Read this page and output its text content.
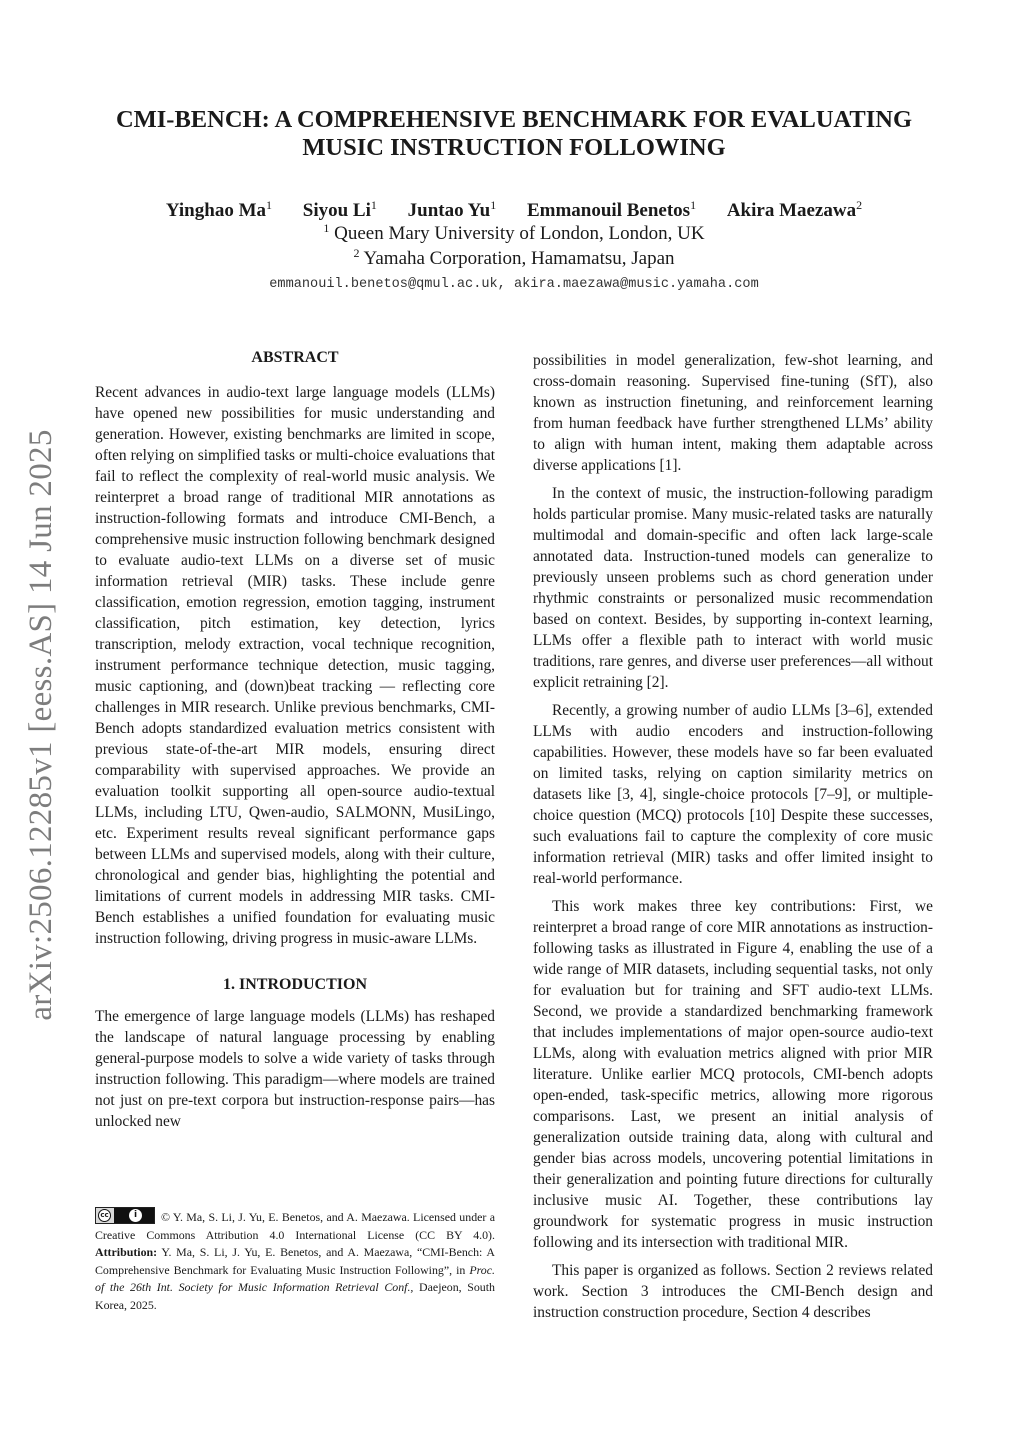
arXiv:2506.12285v1 [eess.AS] 14 Jun 2025
CMI-BENCH: A COMPREHENSIVE BENCHMARK FOR EVALUATING
MUSIC INSTRUCTION FOLLOWING
Yinghao Ma$^1$ Siyou Li$^1$ Juntao Yu$^1$ Emmanouil Benetos$^1$ Akira Maezawa$^2$
$^1$ Queen Mary University of London, London, UK
$^2$ Yamaha Corporation, Hamamatsu, Japan
emmanouil.benetos@qmul.ac.uk, akira.maezawa@music.yamaha.com
ABSTRACT

Recent advances in audio-text large language models (LLMs) have opened new possibilities for music understanding and generation. However, existing benchmarks are limited in scope, often relying on simplified tasks or multi-choice evaluations that fail to reflect the complexity of real-world music analysis. We reinterpret a broad range of traditional MIR annotations as instruction-following formats and introduce CMI-Bench, a comprehensive music instruction following benchmark designed to evaluate audio-text LLMs on a diverse set of music information retrieval (MIR) tasks. These include genre classification, emotion regression, emotion tagging, instrument classification, pitch estimation, key detection, lyrics transcription, melody extraction, vocal technique recognition, instrument performance technique detection, music tagging, music captioning, and (down)beat tracking — reflecting core challenges in MIR research. Unlike previous benchmarks, CMI-Bench adopts standardized evaluation metrics consistent with previous state-of-the-art MIR models, ensuring direct comparability with supervised approaches. We provide an evaluation toolkit supporting all open-source audio-textual LLMs, including LTU, Qwen-audio, SALMONN, MusiLingo, etc. Experiment results reveal significant performance gaps between LLMs and supervised models, along with their culture, chronological and gender bias, highlighting the potential and limitations of current models in addressing MIR tasks. CMI-Bench establishes a unified foundation for evaluating music instruction following, driving progress in music-aware LLMs.

1. INTRODUCTION

The emergence of large language models (LLMs) has reshaped the landscape of natural language processing by enabling general-purpose models to solve a wide variety of tasks through instruction following. This paradigm—where models are trained not just on pre-text corpora but instruction-response pairs—has unlocked new

cc	i	© Y. Ma, S. Li, J. Yu, E. Benetos, and A. Maezawa. Licensed under a Creative Commons Attribution 4.0 International License (CC BY 4.0). Attribution: Y. Ma, S. Li, J. Yu, E. Benetos, and A. Maezawa, “CMI-Bench: A Comprehensive Benchmark for Evaluating Music Instruction Following”, in Proc. of the 26th Int. Society for Music Information Retrieval Conf., Daejeon, South Korea, 2025.

possibilities in model generalization, few-shot learning, and cross-domain reasoning. Supervised fine-tuning (SfT), also known as instruction finetuning, and reinforcement learning from human feedback have further strengthened LLMs’ ability to align with human intent, making them adaptable across diverse applications [1].

In the context of music, the instruction-following paradigm holds particular promise. Many music-related tasks are naturally multimodal and domain-specific and often lack large-scale annotated data. Instruction-tuned models can generalize to previously unseen problems such as chord generation under rhythmic constraints or personalized music recommendation based on context. Besides, by supporting in-context learning, LLMs offer a flexible path to interact with world music traditions, rare genres, and diverse user preferences—all without explicit retraining [2].

Recently, a growing number of audio LLMs [3–6], extended LLMs with audio encoders and instruction-following capabilities. However, these models have so far been evaluated on limited tasks, relying on caption similarity metrics on datasets like [3, 4], single-choice protocols [7–9], or multiple-choice question (MCQ) protocols [10] Despite these successes, such evaluations fail to capture the complexity of core music information retrieval (MIR) tasks and offer limited insight to real-world performance.

This work makes three key contributions: First, we reinterpret a broad range of core MIR annotations as instruction-following tasks as illustrated in Figure 4, enabling the use of a wide range of MIR datasets, including sequential tasks, not only for evaluation but for training and SFT audio-text LLMs. Second, we provide a standardized benchmarking framework that includes implementations of major open-source audio-text LLMs, along with evaluation metrics aligned with prior MIR literature. Unlike earlier MCQ protocols, CMI-bench adopts open-ended, task-specific metrics, allowing more rigorous comparisons. Last, we present an initial analysis of generalization outside training data, along with cultural and gender bias across models, uncovering potential limitations in their generalization and pointing future directions for culturally inclusive music AI. Together, these contributions lay groundwork for systematic progress in music instruction following and its intersection with traditional MIR.

This paper is organized as follows. Section 2 reviews related work. Section 3 introduces the CMI-Bench design and instruction construction procedure, Section 4 describes
